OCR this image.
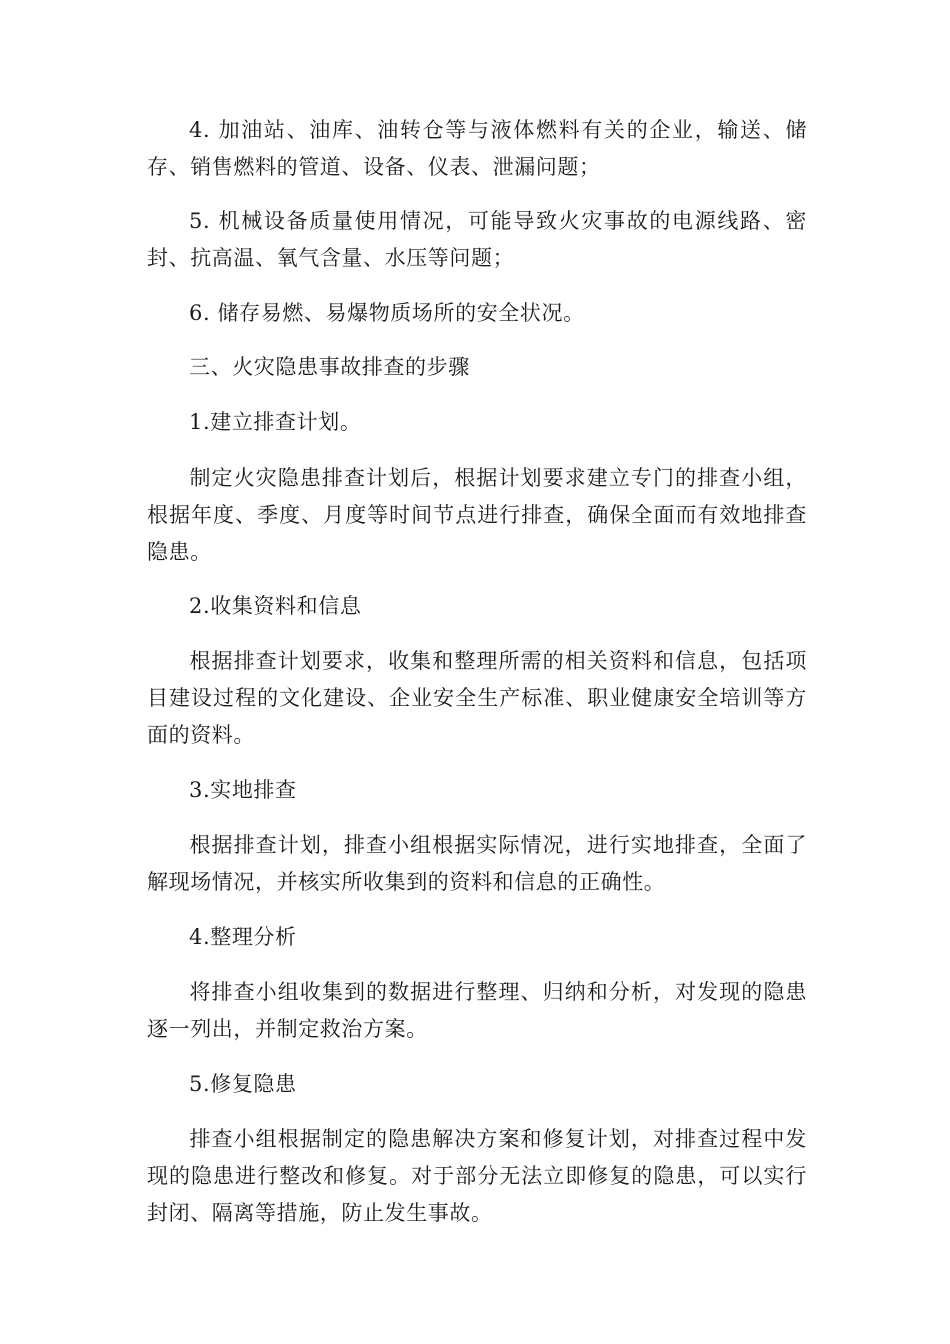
4. 加油站、油库、油转仓等与液体燃料有关的企业，输送、储存、销售燃料的管道、设备、仪表、泄漏问题；

5. 机械设备质量使用情况，可能导致火灾事故的电源线路、密封、抗高温、氧气含量、水压等问题；

6. 储存易燃、易爆物质场所的安全状况。

三、火灾隐患事故排查的步骤

1.建立排查计划。

制定火灾隐患排查计划后，根据计划要求建立专门的排查小组，根据年度、季度、月度等时间节点进行排查，确保全面而有效地排查隐患。

2.收集资料和信息

根据排查计划要求，收集和整理所需的相关资料和信息，包括项目建设过程的文化建设、企业安全生产标准、职业健康安全培训等方面的资料。

3.实地排查

根据排查计划，排查小组根据实际情况，进行实地排查，全面了解现场情况，并核实所收集到的资料和信息的正确性。

4.整理分析

将排查小组收集到的数据进行整理、归纳和分析，对发现的隐患逐一列出，并制定救治方案。

5.修复隐患

排查小组根据制定的隐患解决方案和修复计划，对排查过程中发现的隐患进行整改和修复。对于部分无法立即修复的隐患，可以实行封闭、隔离等措施，防止发生事故。
